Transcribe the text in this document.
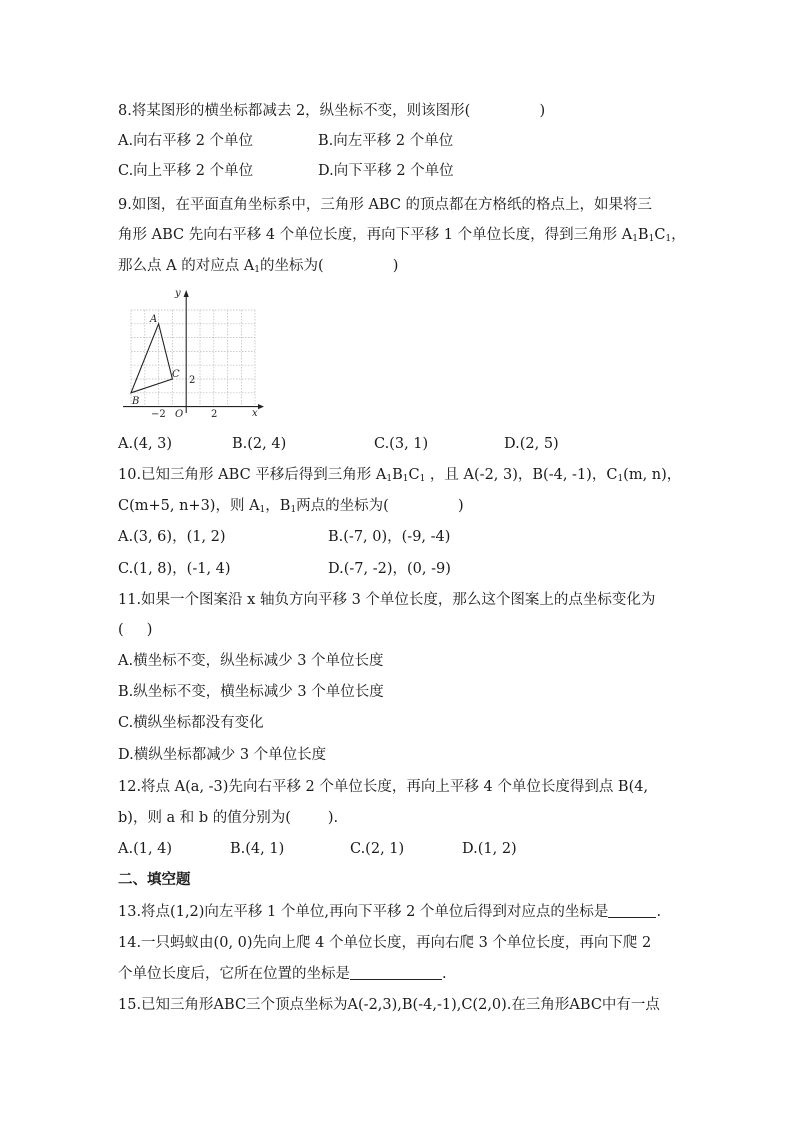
8.将某图形的横坐标都减去 2，纵坐标不变，则该图形(               )
A.向右平移 2 个单位	B.向左平移 2 个单位
C.向上平移 2 个单位	D.向下平移 2 个单位
9.如图，在平面直角坐标系中，三角形 ABC 的顶点都在方格纸的格点上，如果将三
角形 ABC 先向右平移 4 个单位长度，再向下平移 1 个单位长度，得到三角形 $A_1B_1C_1$，
那么点 A 的对应点 $A_1$的坐标为(               )
y
x
O
A
B
C
−2	2
2
A.(4, 3)	B.(2, 4)	C.(3, 1)	D.(2, 5)
10.已知三角形 ABC 平移后得到三角形 $A_1B_1C_1$ ，且 A(-2, 3)，B(-4, -1)，$C_1(m$, n)，
C(m+5, n+3)，则 $A_1$，$B_1$两点的坐标为(               )
A.(3, 6)，(1, 2)	B.(-7, 0)，(-9, -4)
C.(1, 8)，(-1, 4)	D.(-7, -2)，(0, -9)
11.如果一个图案沿 x 轴负方向平移 3 个单位长度，那么这个图案上的点坐标变化为
(     )
A.横坐标不变，纵坐标减少 3 个单位长度
B.纵坐标不变，横坐标减少 3 个单位长度
C.横纵坐标都没有变化
D.横纵坐标都减少 3 个单位长度
12.将点 A(a, -3)先向右平移 2 个单位长度，再向上平移 4 个单位长度得到点 B(4,
b)，则 a 和 b 的值分别为(        ).
A.(1, 4)	B.(4, 1)	C.(2, 1)	D.(1, 2)
二、填空题
13.将点(1,2)向左平移 1 个单位,再向下平移 2 个单位后得到对应点的坐标是	.
14.一只蚂蚁由(0, 0)先向上爬 4 个单位长度，再向右爬 3 个单位长度，再向下爬 2
个单位长度后，它所在位置的坐标是	.
15.已知三角形ABC三个顶点坐标为A(-2,3),B(-4,-1),C(2,0).在三角形ABC中有一点
